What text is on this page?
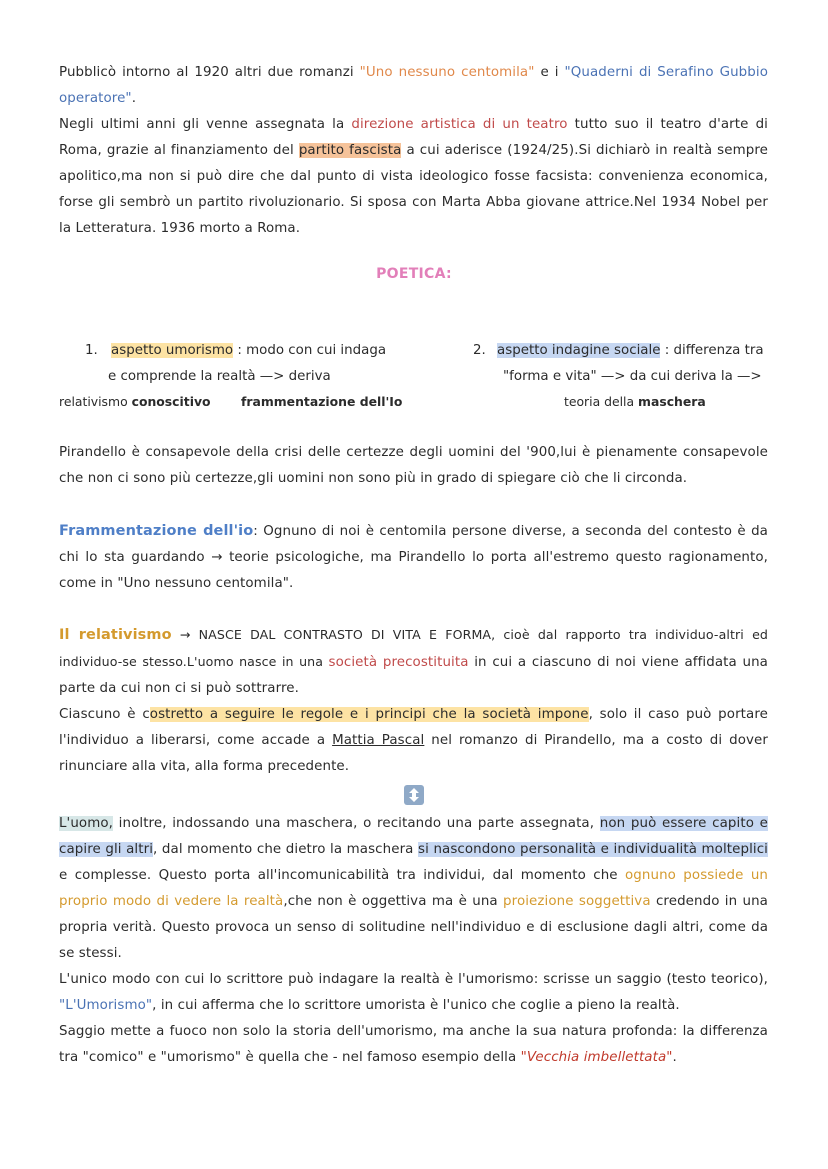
Pubblicò intorno al 1920 altri due romanzi "Uno nessuno centomila" e i "Quaderni di Serafino Gubbio operatore".
Negli ultimi anni gli venne assegnata la direzione artistica di un teatro tutto suo il teatro d'arte di Roma, grazie al finanziamento del partito fascista a cui aderisce (1924/25).Si dichiarò in realtà sempre apolitico,ma non si può dire che dal punto di vista ideologico fosse facsista: convenienza economica, forse gli sembrò un partito rivoluzionario. Si sposa con Marta Abba giovane attrice.Nel 1934 Nobel per la Letteratura. 1936 morto a Roma.
POETICA:
1. aspetto umorismo : modo con cui indaga
e comprende la realtà —> deriva
relativismo conoscitivo frammentazione dell'Io
2. aspetto indagine sociale : differenza tra
"forma e vita" —> da cui deriva la —>
teoria della maschera
Pirandello è consapevole della crisi delle certezze degli uomini del '900,lui è pienamente consapevole che non ci sono più certezze,gli uomini non sono più in grado di spiegare ciò che li circonda.
Frammentazione dell'io: Ognuno di noi è centomila persone diverse, a seconda del contesto è da chi lo sta guardando → teorie psicologiche, ma Pirandello lo porta all'estremo questo ragionamento, come in "Uno nessuno centomila".
Il relativismo → NASCE DAL CONTRASTO DI VITA E FORMA, cioè dal rapporto tra individuo-altri ed individuo-se stesso.L'uomo nasce in una società precostituita in cui a ciascuno di noi viene affidata una parte da cui non ci si può sottrarre.
Ciascuno è costretto a seguire le regole e i principi che la società impone, solo il caso può portare l'individuo a liberarsi, come accade a Mattia Pascal nel romanzo di Pirandello, ma a costo di dover rinunciare alla vita, alla forma precedente.
L'uomo, inoltre, indossando una maschera, o recitando una parte assegnata, non può essere capito e capire gli altri, dal momento che dietro la maschera si nascondono personalità e individualità molteplici e complesse. Questo porta all'incomunicabilità tra individui, dal momento che ognuno possiede un proprio modo di vedere la realtà,che non è oggettiva ma è una proiezione soggettiva credendo in una propria verità. Questo provoca un senso di solitudine nell'individuo e di esclusione dagli altri, come da se stessi.
L'unico modo con cui lo scrittore può indagare la realtà è l'umorismo: scrisse un saggio (testo teorico), "L'Umorismo", in cui afferma che lo scrittore umorista è l'unico che coglie a pieno la realtà.
Saggio mette a fuoco non solo la storia dell'umorismo, ma anche la sua natura profonda: la differenza tra "comico" e "umorismo" è quella che - nel famoso esempio della "Vecchia imbellettata".
